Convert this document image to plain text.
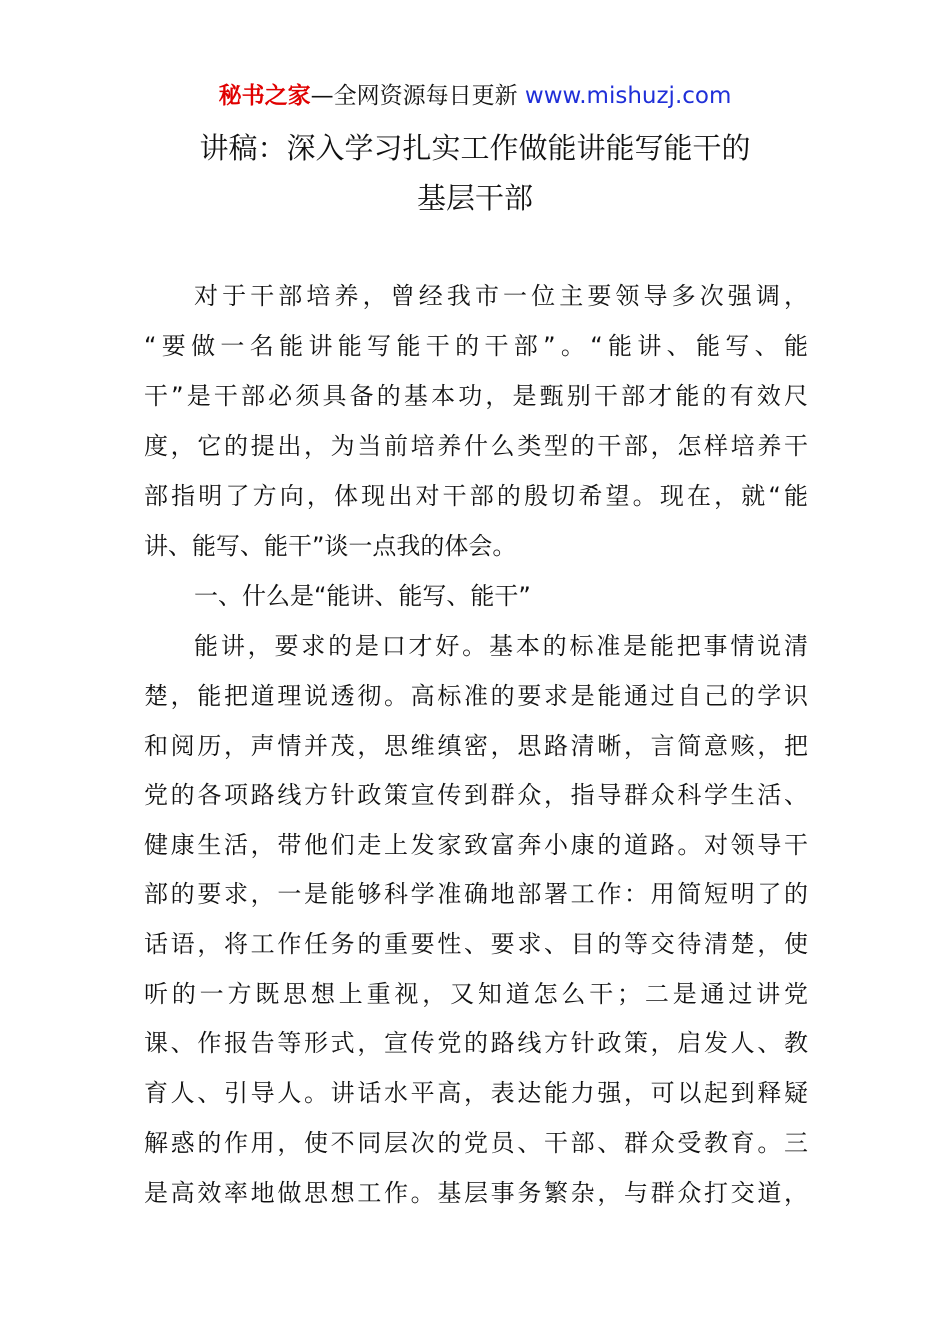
秘书之家—全网资源每日更新 www.mishuzj.com
讲稿：深入学习扎实工作做能讲能写能干的
基层干部
对于干部培养，曾经我市一位主要领导多次强调，
“要做一名能讲能写能干的干部”。“能讲、能写、能
干”是干部必须具备的基本功，是甄别干部才能的有效尺
度，它的提出，为当前培养什么类型的干部，怎样培养干
部指明了方向，体现出对干部的殷切希望。现在，就“能
讲、能写、能干”谈一点我的体会。
一、什么是“能讲、能写、能干”
能讲，要求的是口才好。基本的标准是能把事情说清
楚，能把道理说透彻。高标准的要求是能通过自己的学识
和阅历，声情并茂，思维缜密，思路清晰，言简意赅，把
党的各项路线方针政策宣传到群众，指导群众科学生活、
健康生活，带他们走上发家致富奔小康的道路。对领导干
部的要求，一是能够科学准确地部署工作：用简短明了的
话语，将工作任务的重要性、要求、目的等交待清楚，使
听的一方既思想上重视，又知道怎么干；二是通过讲党
课、作报告等形式，宣传党的路线方针政策，启发人、教
育人、引导人。讲话水平高，表达能力强，可以起到释疑
解惑的作用，使不同层次的党员、干部、群众受教育。三
是高效率地做思想工作。基层事务繁杂，与群众打交道，
